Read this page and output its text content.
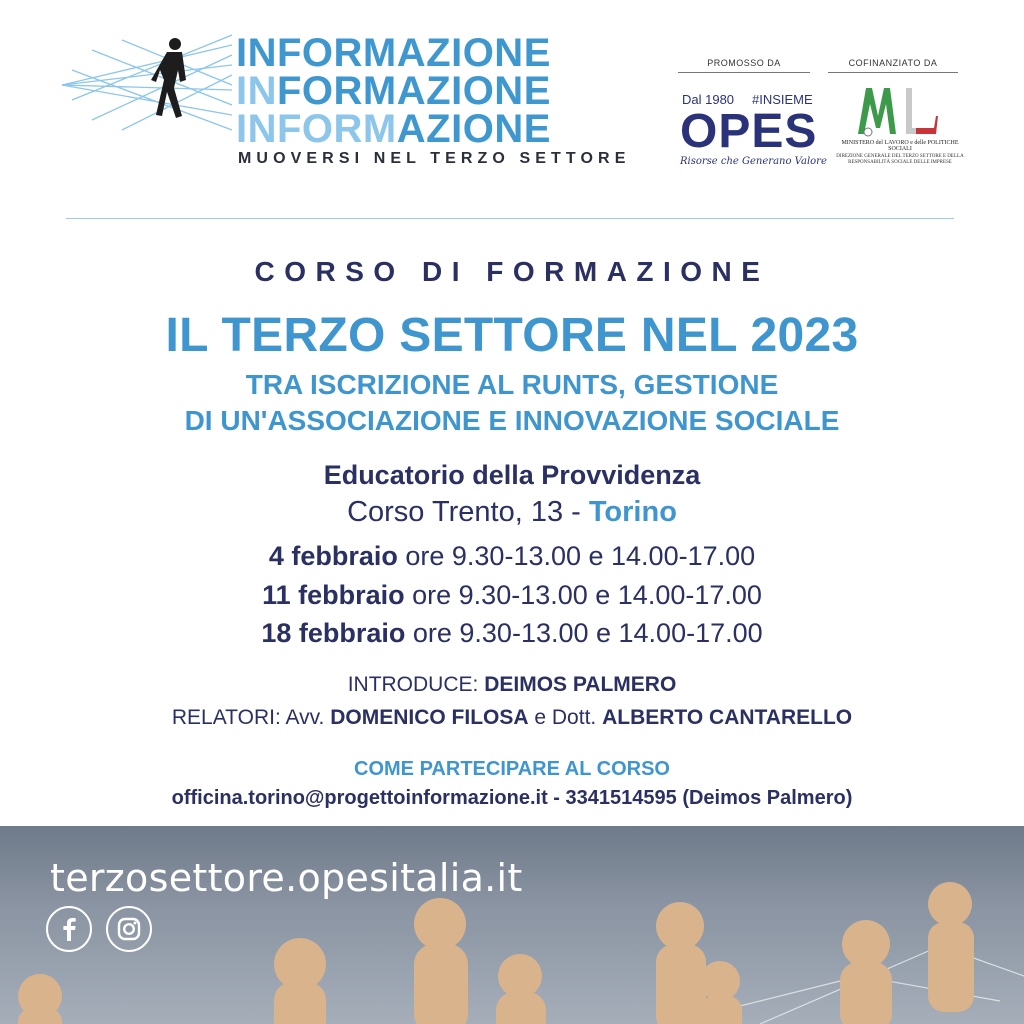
INFORMAZIONE
INFORMAZIONE
INFORMAZIONE
MUOVERSI NEL TERZO SETTORE
PROMOSSO DA	COFINANZIATO DA
Dal 1980 #INSIEME
OPES
Risorse che Generano Valore
MINISTERO del LAVORO e delle POLITICHE SOCIALI
DIREZIONE GENERALE DEL TERZO SETTORE E DELLA RESPONSABILITÀ SOCIALE DELLE IMPRESE
CORSO DI FORMAZIONE
IL TERZO SETTORE NEL 2023
TRA ISCRIZIONE AL RUNTS, GESTIONE
DI UN'ASSOCIAZIONE E INNOVAZIONE SOCIALE
Educatorio della Provvidenza
Corso Trento, 13 - Torino
4 febbraio ore 9.30-13.00 e 14.00-17.00
11 febbraio ore 9.30-13.00 e 14.00-17.00
18 febbraio ore 9.30-13.00 e 14.00-17.00
INTRODUCE: DEIMOS PALMERO
RELATORI: Avv. DOMENICO FILOSA e Dott. ALBERTO CANTARELLO
COME PARTECIPARE AL CORSO
officina.torino@progettoinformazione.it - 3341514595 (Deimos Palmero)
terzosettore.opesitalia.it
